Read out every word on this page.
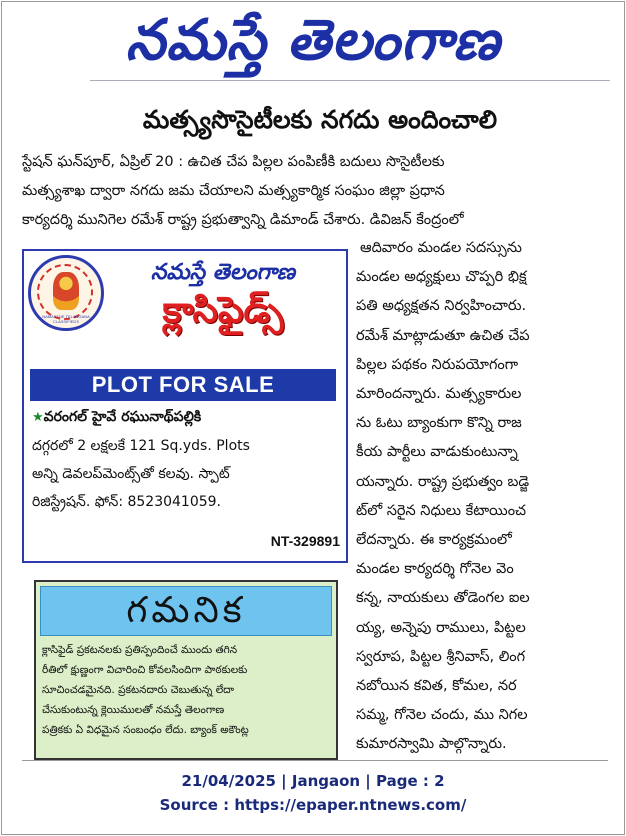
నమస్తే తెలంగాణ
మత్స్యసొసైటీలకు నగదు అందించాలి

స్టేషన్ ఘన్‌పూర్, ఏప్రిల్ 20 : ఉచిత చేప పిల్లల పంపిణీకి బదులు సొసైటీలకు

మత్స్యశాఖ ద్వారా నగదు జమ చేయాలని మత్స్యకార్మిక సంఘం జిల్లా ప్రధాన

కార్యదర్శి మునిగెల రమేశ్ రాష్ట్ర ప్రభుత్వాన్ని డిమాండ్ చేశారు. డివిజన్ కేంద్రంలో

ఆదివారం మండల సదస్సును

మండల అధ్యక్షులు చొప్పరి భిక్ష

పతి అధ్యక్షతన నిర్వహించారు.

రమేశ్ మాట్లాడుతూ ఉచిత చేప

పిల్లల పథకం నిరుపయోగంగా

మారిందన్నారు. మత్స్యకారుల

ను ఓటు బ్యాంకుగా కొన్ని రాజ

కీయ పార్టీలు వాడుకుంటున్నా

యన్నారు. రాష్ట్ర ప్రభుత్వం బడ్జె

ట్‌లో సరైన నిధులు కేటాయించ

లేదన్నారు. ఈ కార్యక్రమంలో

మండల కార్యదర్శి గోనెల వెం

కన్న, నాయకులు తోడెంగల ఐల

య్య, అన్నెపు రాములు, పిట్టల

స్వరూప, పిట్టల శ్రీనివాస్, లింగ

నబోయిన కవిత, కోమల, నర

సమ్మ, గోనెల చందు, ము నిగల

కుమారస్వామి పాల్గొన్నారు.

NAMASTHE TELANGANA CLASSIFIEDS
నమస్తే తెలంగాణ
క్లాసిఫైడ్స్
PLOT FOR SALE

★వరంగల్ హైవే రఘునాథ్‌పల్లికి

దగ్గరలో 2 లక్షలకే 121 Sq.yds. Plots

అన్ని డెవలప్‌మెంట్స్‌తో కలవు. స్పాట్

రిజిస్ట్రేషన్. ఫోన్: 8523041059.

NT-329891
గమనిక

క్లాసిఫైడ్ ప్రకటనలకు ప్రతిస్పందించే ముందు తగిన

రీతిలో క్షుణ్ణంగా విచారించి కోవలసిందిగా పాఠకులకు

సూచించడమైనది. ప్రకటనదారు చెబుతున్న లేదా

చేసుకుంటున్న క్లెయిములతో నమస్తే తెలంగాణ

పత్రికకు ఏ విధమైన సంబంధం లేదు. బ్యాంక్ అకౌంట్ల

21/04/2025 | Jangaon | Page : 2
Source : https://epaper.ntnews.com/
